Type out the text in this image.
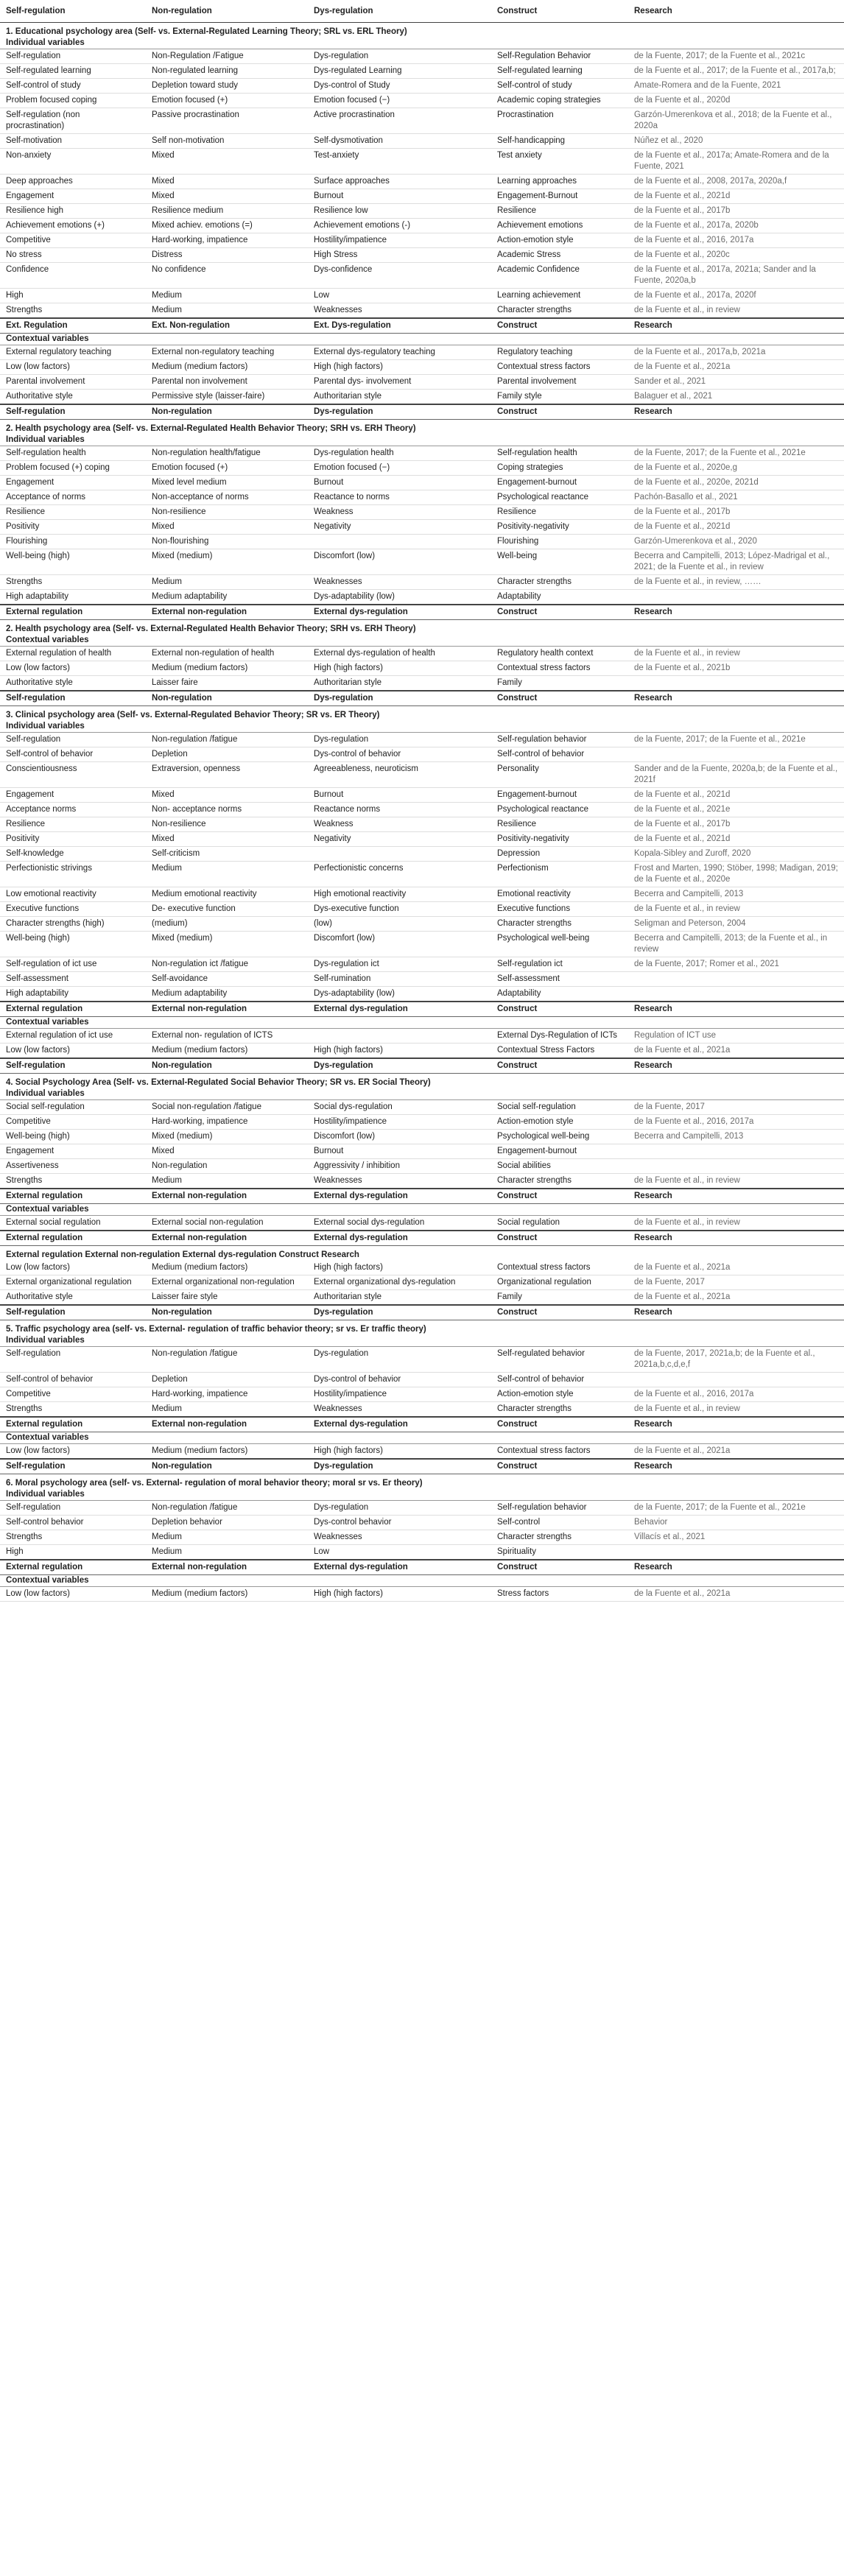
Self-regulation	Non-regulation	Dys-regulation	Construct	Research
1. Educational psychology area (Self- vs. External-Regulated Learning Theory; SRL vs. ERL Theory)				
Individual variables				
Self-regulation	Non-Regulation /Fatigue	Dys-regulation	Self-Regulation Behavior	de la Fuente, 2017; de la Fuente et al., 2021c
Self-regulated learning	Non-regulated learning	Dys-regulated Learning	Self-regulated learning	de la Fuente et al., 2017; de la Fuente et al., 2017a,b;
Self-control of study	Depletion toward study	Dys-control of Study	Self-control of study	Amate-Romera and de la Fuente, 2021
Problem focused coping	Emotion focused (+)	Emotion focused (−)	Academic coping strategies	de la Fuente et al., 2020d
Self-regulation (non procrastination)	Passive procrastination	Active procrastination	Procrastination	Garzón-Umerenkova et al., 2018; de la Fuente et al., 2020a
Self-motivation	Self non-motivation	Self-dysmotivation	Self-handicapping	Núñez et al., 2020
Non-anxiety	Mixed	Test-anxiety	Test anxiety	de la Fuente et al., 2017a; Amate-Romera and de la Fuente, 2021
Deep approaches	Mixed	Surface approaches	Learning approaches	de la Fuente et al., 2008, 2017a, 2020a,f
Engagement	Mixed	Burnout	Engagement-Burnout	de la Fuente et al., 2021d
Resilience high	Resilience medium	Resilience low	Resilience	de la Fuente et al., 2017b
Achievement emotions (+)	Mixed achiev. emotions (=)	Achievement emotions (-)	Achievement emotions	de la Fuente et al., 2017a, 2020b
Competitive	Hard-working, impatience	Hostility/impatience	Action-emotion style	de la Fuente et al., 2016, 2017a
No stress	Distress	High Stress	Academic Stress	de la Fuente et al., 2020c
Confidence	No confidence	Dys-confidence	Academic Confidence	de la Fuente et al., 2017a, 2021a; Sander and la Fuente, 2020a,b
High	Medium	Low	Learning achievement	de la Fuente et al., 2017a, 2020f
Strengths	Medium	Weaknesses	Character strengths	de la Fuente et al., in review
Ext. Regulation	Ext. Non-regulation	Ext. Dys-regulation	Construct	Research
Contextual variables				
External regulatory teaching	External non-regulatory teaching	External dys-regulatory teaching	Regulatory teaching	de la Fuente et al., 2017a,b, 2021a
Low (low factors)	Medium (medium factors)	High (high factors)	Contextual stress factors	de la Fuente et al., 2021a
Parental involvement	Parental non involvement	Parental dys- involvement	Parental involvement	Sander et al., 2021
Authoritative style	Permissive style (laisser-faire)	Authoritarian style	Family style	Balaguer et al., 2021
Self-regulation	Non-regulation	Dys-regulation	Construct	Research
2. Health psychology area (Self- vs. External-Regulated Health Behavior Theory; SRH vs. ERH Theory)				
Individual variables				
Self-regulation health	Non-regulation health/fatigue	Dys-regulation health	Self-regulation health	de la Fuente, 2017; de la Fuente et al., 2021e
Problem focused (+) coping	Emotion focused (+)	Emotion focused (−)	Coping strategies	de la Fuente et al., 2020e,g
Engagement	Mixed level medium	Burnout	Engagement-burnout	de la Fuente et al., 2020e, 2021d
Acceptance of norms	Non-acceptance of norms	Reactance to norms	Psychological reactance	Pachón-Basallo et al., 2021
Resilience	Non-resilience	Weakness	Resilience	de la Fuente et al., 2017b
Positivity	Mixed	Negativity	Positivity-negativity	de la Fuente et al., 2021d
Flourishing	Non-flourishing		Flourishing	Garzón-Umerenkova et al., 2020
Well-being (high)	Mixed (medium)	Discomfort (low)	Well-being	Becerra and Campitelli, 2013; López-Madrigal et al., 2021; de la Fuente et al., in review
Strengths	Medium	Weaknesses	Character strengths	de la Fuente et al., in review, ……
High adaptability	Medium adaptability	Dys-adaptability (low)	Adaptability	
External regulation	External non-regulation	External dys-regulation	Construct	Research
2. Health psychology area (Self- vs. External-Regulated Health Behavior Theory; SRH vs. ERH Theory)				
Contextual variables				
External regulation of health	External non-regulation of health	External dys-regulation of health	Regulatory health context	de la Fuente et al., in review
Low (low factors)	Medium (medium factors)	High (high factors)	Contextual stress factors	de la Fuente et al., 2021b
Authoritative style	Laisser faire	Authoritarian style	Family	
Self-regulation	Non-regulation	Dys-regulation	Construct	Research
3. Clinical psychology area (Self- vs. External-Regulated Behavior Theory; SR vs. ER Theory)				
Individual variables				
Self-regulation	Non-regulation /fatigue	Dys-regulation	Self-regulation behavior	de la Fuente, 2017; de la Fuente et al., 2021e
Self-control of behavior	Depletion	Dys-control of behavior	Self-control of behavior	
Conscientiousness	Extraversion, openness	Agreeableness, neuroticism	Personality	Sander and de la Fuente, 2020a,b; de la Fuente et al., 2021f
Engagement	Mixed	Burnout	Engagement-burnout	de la Fuente et al., 2021d
Acceptance norms	Non- acceptance norms	Reactance norms	Psychological reactance	de la Fuente et al., 2021e
Resilience	Non-resilience	Weakness	Resilience	de la Fuente et al., 2017b
Positivity	Mixed	Negativity	Positivity-negativity	de la Fuente et al., 2021d
Self-knowledge	Self-criticism		Depression	Kopala-Sibley and Zuroff, 2020
Perfectionistic strivings	Medium	Perfectionistic concerns	Perfectionism	Frost and Marten, 1990; Stöber, 1998; Madigan, 2019; de la Fuente et al., 2020e
Low emotional reactivity	Medium emotional reactivity	High emotional reactivity	Emotional reactivity	Becerra and Campitelli, 2013
Executive functions	De- executive function	Dys-executive function	Executive functions	de la Fuente et al., in review
Character strengths (high)	(medium)	(low)	Character strengths	Seligman and Peterson, 2004
Well-being (high)	Mixed (medium)	Discomfort (low)	Psychological well-being	Becerra and Campitelli, 2013; de la Fuente et al., in review
Self-regulation of ict use	Non-regulation ict /fatigue	Dys-regulation ict	Self-regulation ict	de la Fuente, 2017; Romer et al., 2021
Self-assessment	Self-avoidance	Self-rumination	Self-assessment	
High adaptability	Medium adaptability	Dys-adaptability (low)	Adaptability	
External regulation	External non-regulation	External dys-regulation	Construct	Research
Contextual variables				
External regulation of ict use	External non- regulation of ICTS		External Dys-Regulation of ICTs	Regulation of ICT use
Low (low factors)	Medium (medium factors)	High (high factors)	Contextual Stress Factors	de la Fuente et al., 2021a
Self-regulation	Non-regulation	Dys-regulation	Construct	Research
4. Social Psychology Area (Self- vs. External-Regulated Social Behavior Theory; SR vs. ER Social Theory)				
Individual variables				
Social self-regulation	Social non-regulation /fatigue	Social dys-regulation	Social self-regulation	de la Fuente, 2017
Competitive	Hard-working, impatience	Hostility/impatience	Action-emotion style	de la Fuente et al., 2016, 2017a
Well-being (high)	Mixed (medium)	Discomfort (low)	Psychological well-being	Becerra and Campitelli, 2013
Engagement	Mixed	Burnout	Engagement-burnout	
Assertiveness	Non-regulation	Aggressivity / inhibition	Social abilities	
Strengths	Medium	Weaknesses	Character strengths	de la Fuente et al., in review
External regulation	External non-regulation	External dys-regulation	Construct	Research
Contextual variables				
External social regulation	External social non-regulation	External social dys-regulation	Social regulation	de la Fuente et al., in review
External regulation	External non-regulation	External dys-regulation	Construct	Research
External regulation External non-regulation External dys-regulation Construct Research				
Low (low factors)	Medium (medium factors)	High (high factors)	Contextual stress factors	de la Fuente et al., 2021a
External organizational regulation	External organizational non-regulation	External organizational dys-regulation	Organizational regulation	de la Fuente, 2017
Authoritative style	Laisser faire style	Authoritarian style	Family	de la Fuente et al., 2021a
Self-regulation	Non-regulation	Dys-regulation	Construct	Research
5. Traffic psychology area (self- vs. External- regulation of traffic behavior theory; sr vs. Er traffic theory)				
Individual variables				
Self-regulation	Non-regulation /fatigue	Dys-regulation	Self-regulated behavior	de la Fuente, 2017, 2021a,b; de la Fuente et al., 2021a,b,c,d,e,f
Self-control of behavior	Depletion	Dys-control of behavior	Self-control of behavior	
Competitive	Hard-working, impatience	Hostility/impatience	Action-emotion style	de la Fuente et al., 2016, 2017a
Strengths	Medium	Weaknesses	Character strengths	de la Fuente et al., in review
External regulation	External non-regulation	External dys-regulation	Construct	Research
Contextual variables				
Low (low factors)	Medium (medium factors)	High (high factors)	Contextual stress factors	de la Fuente et al., 2021a
Self-regulation	Non-regulation	Dys-regulation	Construct	Research
6. Moral psychology area (self- vs. External- regulation of moral behavior theory; moral sr vs. Er theory)				
Individual variables				
Self-regulation	Non-regulation /fatigue	Dys-regulation	Self-regulation behavior	de la Fuente, 2017; de la Fuente et al., 2021e
Self-control behavior	Depletion behavior	Dys-control behavior	Self-control	Behavior
Strengths	Medium	Weaknesses	Character strengths	Villacís et al., 2021
High	Medium	Low	Spirituality	
External regulation	External non-regulation	External dys-regulation	Construct	Research
Contextual variables				
Low (low factors)	Medium (medium factors)	High (high factors)	Stress factors	de la Fuente et al., 2021a
